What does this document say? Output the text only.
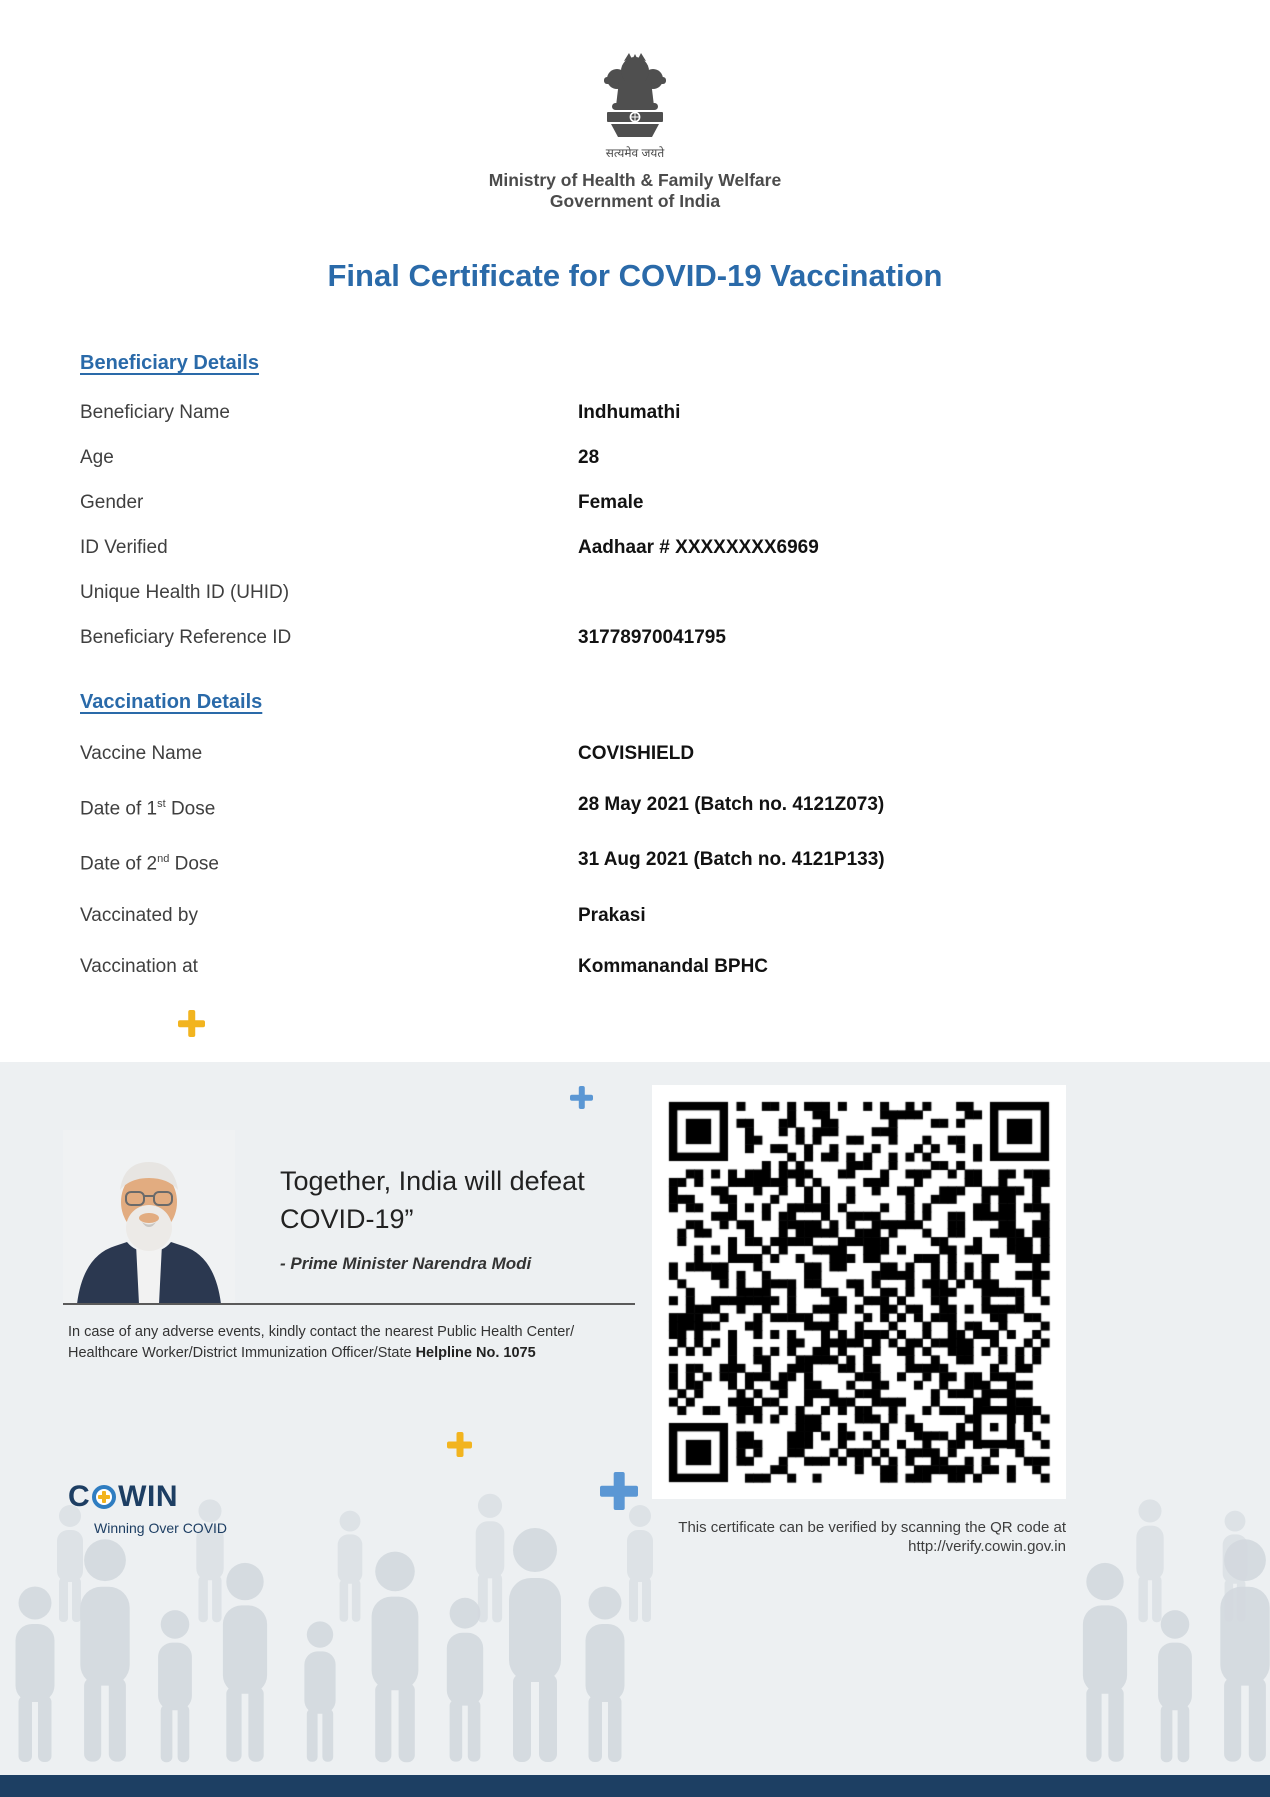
सत्यमेव जयते
Ministry of Health & Family Welfare
Government of India
Final Certificate for COVID-19 Vaccination
Beneficiary Details
Beneficiary Name	Indhumathi
Age	28
Gender	Female
ID Verified	Aadhaar # XXXXXXXX6969
Unique Health ID (UHID)
Beneficiary Reference ID	31778970041795
Vaccination Details
Vaccine Name	COVISHIELD
Date of 1st Dose	28 May 2021 (Batch no. 4121Z073)
Date of 2nd Dose	31 Aug 2021 (Batch no. 4121P133)
Vaccinated by	Prakasi
Vaccination at	Kommanandal BPHC
Together, India will defeat
COVID-19”
- Prime Minister Narendra Modi
In case of any adverse events, kindly contact the nearest Public Health Center/
Healthcare Worker/District Immunization Officer/State Helpline No. 1075
C WIN
Winning Over COVID	This certificate can be verified by scanning the QR code at
http://verify.cowin.gov.in
